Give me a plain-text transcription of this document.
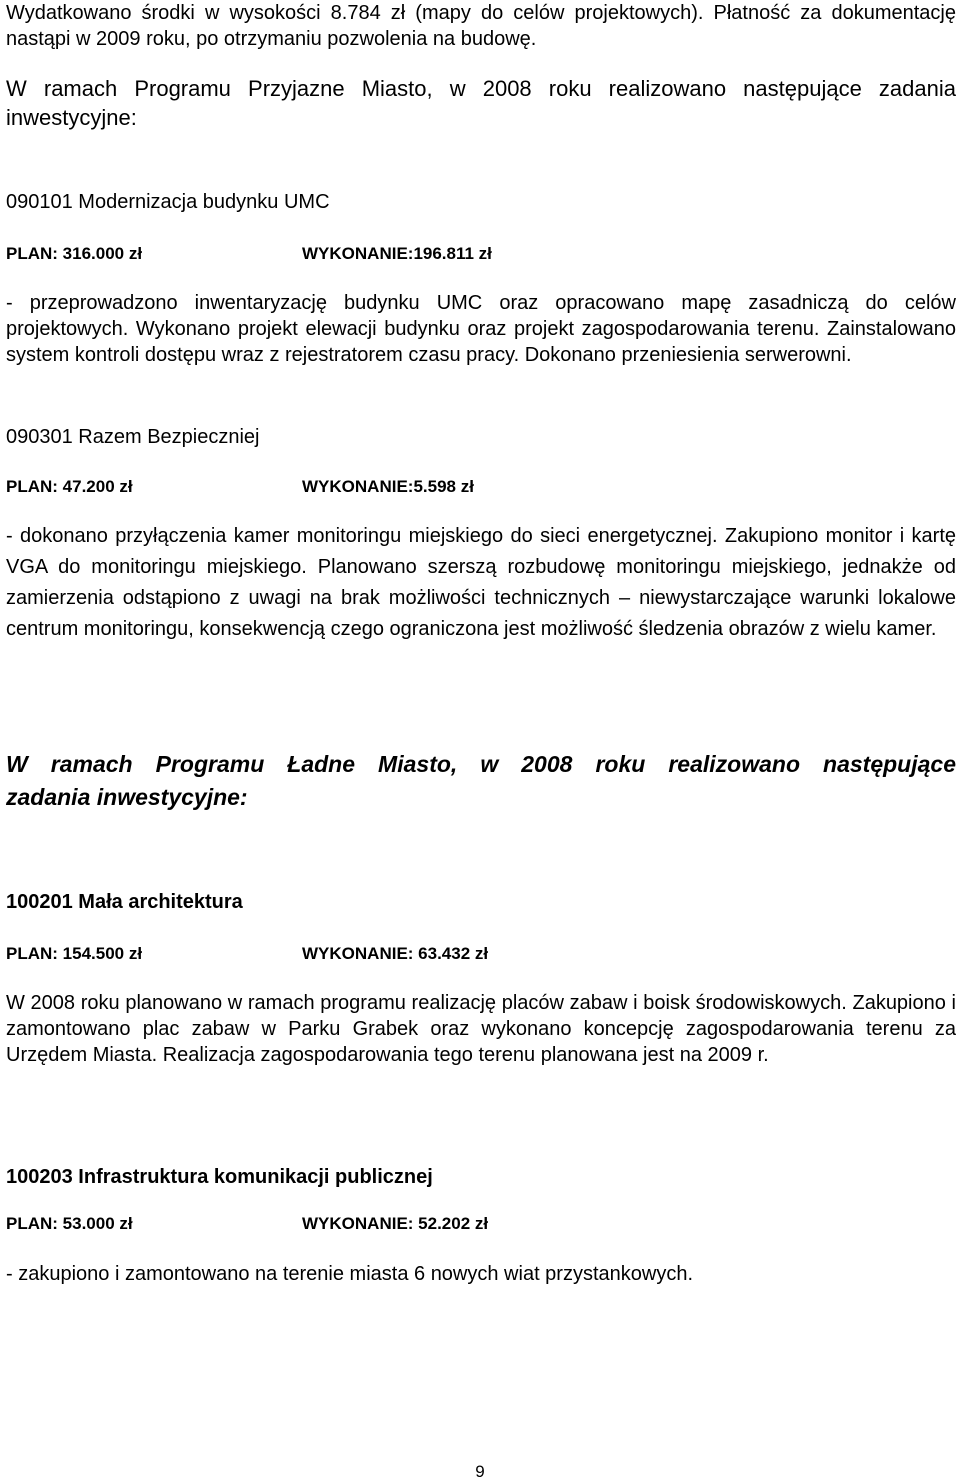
Wydatkowano środki w wysokości 8.784 zł (mapy do celów projektowych). Płatność za dokumentację nastąpi w 2009 roku, po otrzymaniu pozwolenia na budowę.

W ramach Programu Przyjazne Miasto, w 2008 roku realizowano następujące zadania inwestycyjne:

090101 Modernizacja budynku UMC

PLAN: 316.000 zł	WYKONANIE:196.811 zł

- przeprowadzono inwentaryzację budynku UMC oraz opracowano mapę zasadniczą do celów projektowych. Wykonano projekt elewacji budynku oraz projekt zagospodarowania terenu. Zainstalowano system kontroli dostępu wraz z rejestratorem czasu pracy. Dokonano przeniesienia serwerowni.

090301 Razem Bezpieczniej

PLAN: 47.200 zł	WYKONANIE:5.598 zł

- dokonano przyłączenia kamer monitoringu miejskiego do sieci energetycznej. Zakupiono monitor i kartę VGA do monitoringu miejskiego. Planowano szerszą rozbudowę monitoringu miejskiego, jednakże od zamierzenia odstąpiono z uwagi na brak możliwości technicznych – niewystarczające warunki lokalowe centrum monitoringu, konsekwencją czego ograniczona jest możliwość śledzenia obrazów z wielu kamer.

W ramach Programu Ładne Miasto, w 2008 roku realizowano następujące
zadania inwestycyjne:

100201 Mała architektura

PLAN: 154.500 zł	WYKONANIE: 63.432 zł

W 2008 roku planowano w ramach programu realizację placów zabaw i boisk środowiskowych. Zakupiono i zamontowano plac zabaw w Parku Grabek oraz wykonano koncepcję zagospodarowania terenu za Urzędem Miasta. Realizacja zagospodarowania tego terenu planowana jest na 2009 r.

100203 Infrastruktura komunikacji publicznej

PLAN: 53.000 zł	WYKONANIE: 52.202 zł

- zakupiono i zamontowano na terenie miasta 6 nowych wiat przystankowych.

9
